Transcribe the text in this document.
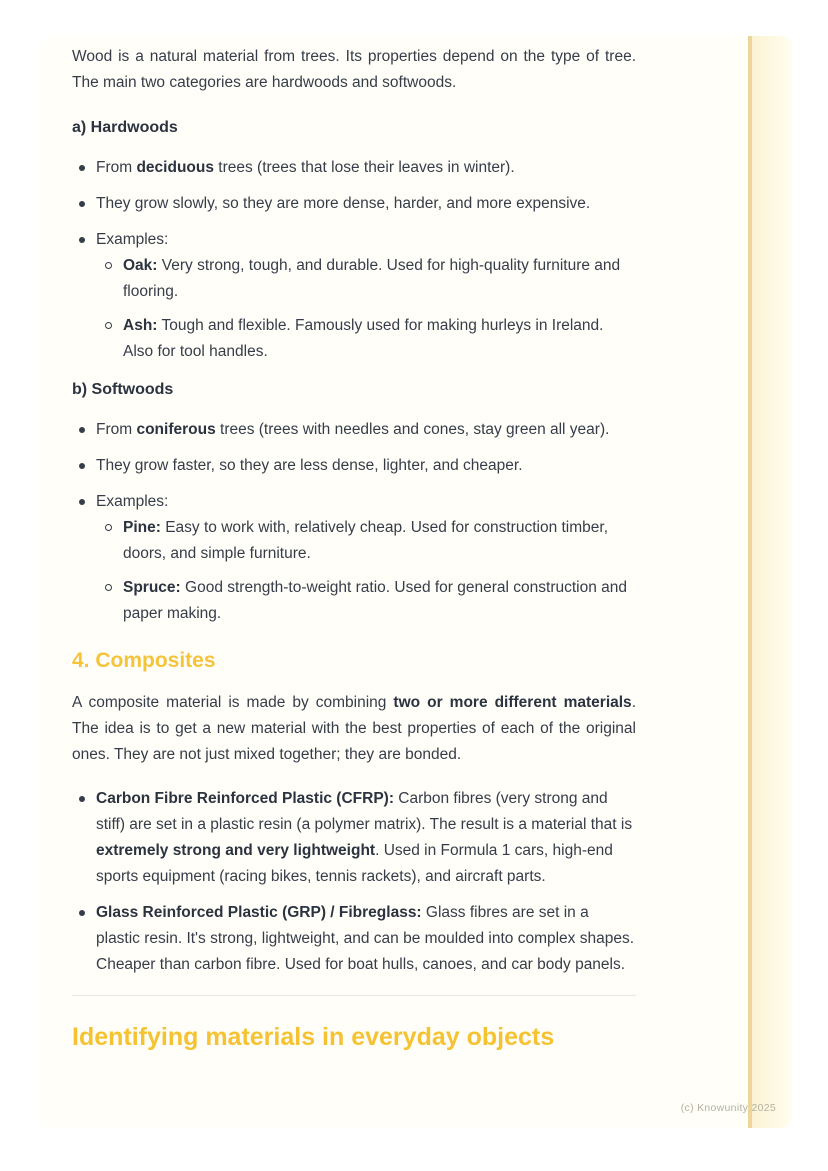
Wood is a natural material from trees. Its properties depend on the type of tree. The main two categories are hardwoods and softwoods.

a) Hardwoods
From deciduous trees (trees that lose their leaves in winter).
They grow slowly, so they are more dense, harder, and more expensive.
Examples:
Oak: Very strong, tough, and durable. Used for high-quality furniture and flooring.
Ash: Tough and flexible. Famously used for making hurleys in Ireland. Also for tool handles.
b) Softwoods
From coniferous trees (trees with needles and cones, stay green all year).
They grow faster, so they are less dense, lighter, and cheaper.
Examples:
Pine: Easy to work with, relatively cheap. Used for construction timber, doors, and simple furniture.
Spruce: Good strength-to-weight ratio. Used for general construction and paper making.
4. Composites

A composite material is made by combining two or more different materials. The idea is to get a new material with the best properties of each of the original ones. They are not just mixed together; they are bonded.

Carbon Fibre Reinforced Plastic (CFRP): Carbon fibres (very strong and stiff) are set in a plastic resin (a polymer matrix). The result is a material that is extremely strong and very lightweight. Used in Formula 1 cars, high-end sports equipment (racing bikes, tennis rackets), and aircraft parts.
Glass Reinforced Plastic (GRP) / Fibreglass: Glass fibres are set in a plastic resin. It's strong, lightweight, and can be moulded into complex shapes. Cheaper than carbon fibre. Used for boat hulls, canoes, and car body panels.
Identifying materials in everyday objects
(c) Knowunity 2025
